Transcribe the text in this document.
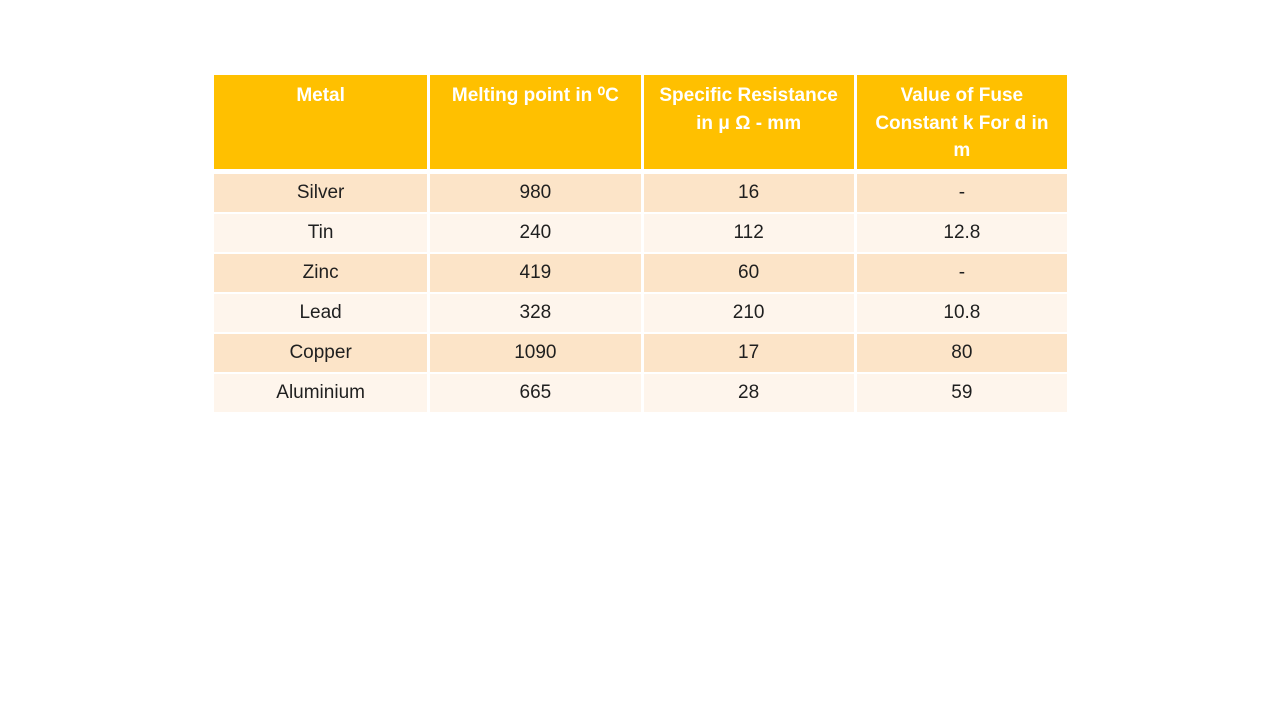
Metal	Melting point in ⁰C	Specific Resistance in μ Ω - mm	Value of Fuse Constant k For d in m
Silver	980	16	-
Tin	240	112	12.8
Zinc	419	60	-
Lead	328	210	10.8
Copper	1090	17	80
Aluminium	665	28	59
